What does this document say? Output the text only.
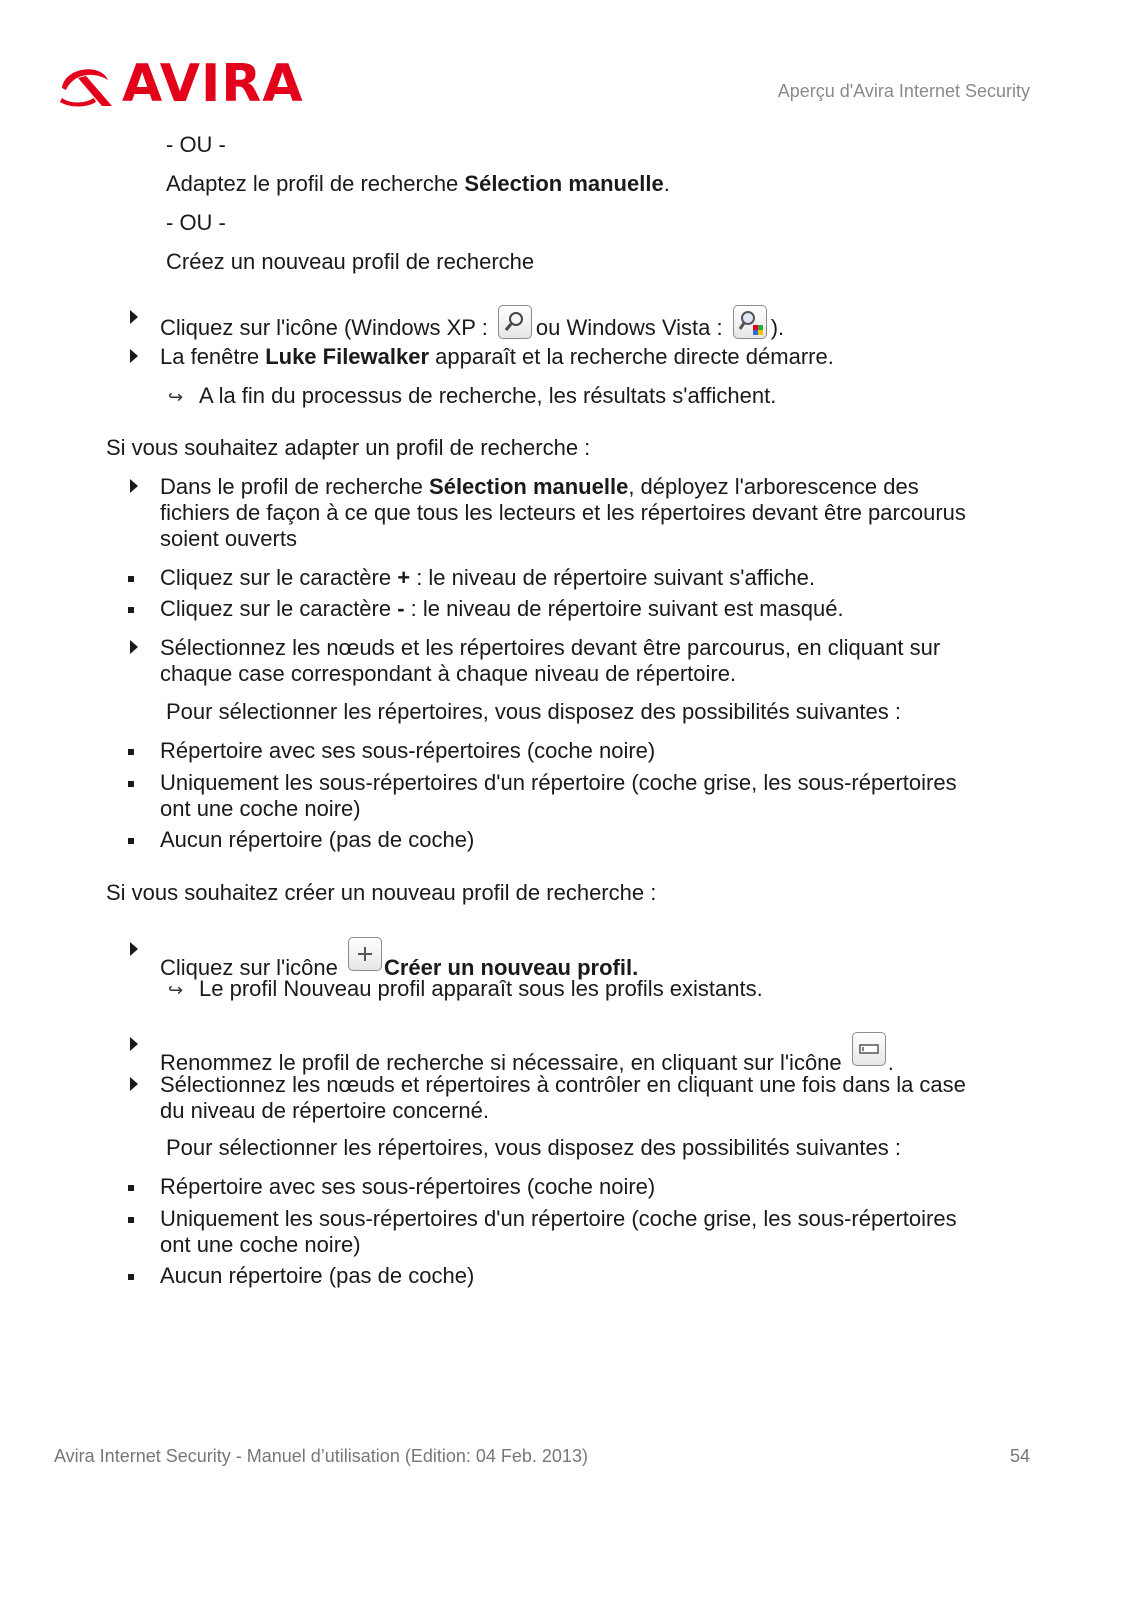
AVIRA	Aperçu d'Avira Internet Security
- OU -
Adaptez le profil de recherche Sélection manuelle.
- OU -
Créez un nouveau profil de recherche
Cliquez sur l'icône (Windows XP :
ou Windows Vista :
).
La fenêtre Luke Filewalker apparaît et la recherche directe démarre.
↪ A la fin du processus de recherche, les résultats s'affichent.
Si vous souhaitez adapter un profil de recherche :
Dans le profil de recherche Sélection manuelle, déployez l'arborescence des
fichiers de façon à ce que tous les lecteurs et les répertoires devant être parcourus
soient ouverts
Cliquez sur le caractère + : le niveau de répertoire suivant s'affiche.
Cliquez sur le caractère - : le niveau de répertoire suivant est masqué.
Sélectionnez les nœuds et les répertoires devant être parcourus, en cliquant sur
chaque case correspondant à chaque niveau de répertoire.
Pour sélectionner les répertoires, vous disposez des possibilités suivantes :
Répertoire avec ses sous-répertoires (coche noire)
Uniquement les sous-répertoires d'un répertoire (coche grise, les sous-répertoires
ont une coche noire)
Aucun répertoire (pas de coche)
Si vous souhaitez créer un nouveau profil de recherche :
Cliquez sur l'icône
Créer un nouveau profil.
↪ Le profil Nouveau profil apparaît sous les profils existants.
Renommez le profil de recherche si nécessaire, en cliquant sur l'icône
.
Sélectionnez les nœuds et répertoires à contrôler en cliquant une fois dans la case
du niveau de répertoire concerné.
Pour sélectionner les répertoires, vous disposez des possibilités suivantes :
Répertoire avec ses sous-répertoires (coche noire)
Uniquement les sous-répertoires d'un répertoire (coche grise, les sous-répertoires
ont une coche noire)
Aucun répertoire (pas de coche)
Avira Internet Security - Manuel d’utilisation (Edition: 04 Feb. 2013)	54
